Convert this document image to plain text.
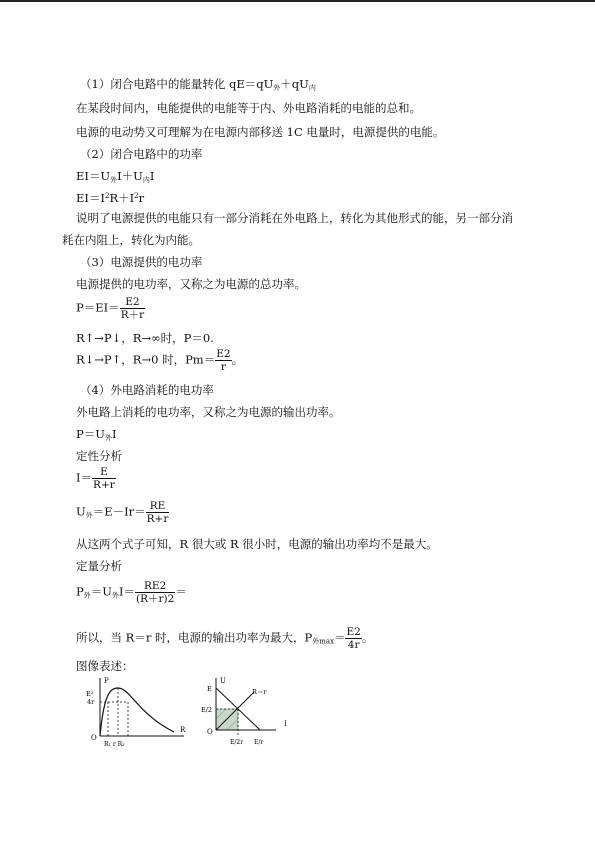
（1）闭合电路中的能量转化 $qE=qU_外+qU_内$
在某段时间内，电能提供的电能等于内、外电路消耗的电能的总和。
电源的电动势又可理解为在电源内部移送 1C 电量时，电源提供的电能。
（2）闭合电路中的功率
$EI=U_外I+U_内I$
$EI=I^2R+I^2r$
说明了电源提供的电能只有一部分消耗在外电路上，转化为其他形式的能，另一部分消
耗在内阻上，转化为内能。
（3）电源提供的电功率
电源提供的电功率，又称之为电源的总功率。
$P=EI= \frac{E2}{R+r}$
R↑→P↓，R→∞时，P＝0.
R↓→P↑，R→0 时，$Pm= \frac{E2}{r}$ 。
（4）外电路消耗的电功率
外电路上消耗的电功率，又称之为电源的输出功率。
$P=U_外I$
定性分析
$I= \frac{E}{R+r}$
$U_外=E-Ir= \frac{RE}{R+r}$
从这两个式子可知，R 很大或 R 很小时，电源的输出功率均不是最大。
定量分析
$P_外=U_外I= \frac{RE2}{(R+r)2}$ ＝
所以，当 R＝r 时，电源的输出功率为最大，$P_{外max}= \frac{E2}{4r}$ 。
图像表述：
P
E²
4r
R
O
R₁ r R₂
U
E
E/2
R＝r
I
O
E/2r E/r
